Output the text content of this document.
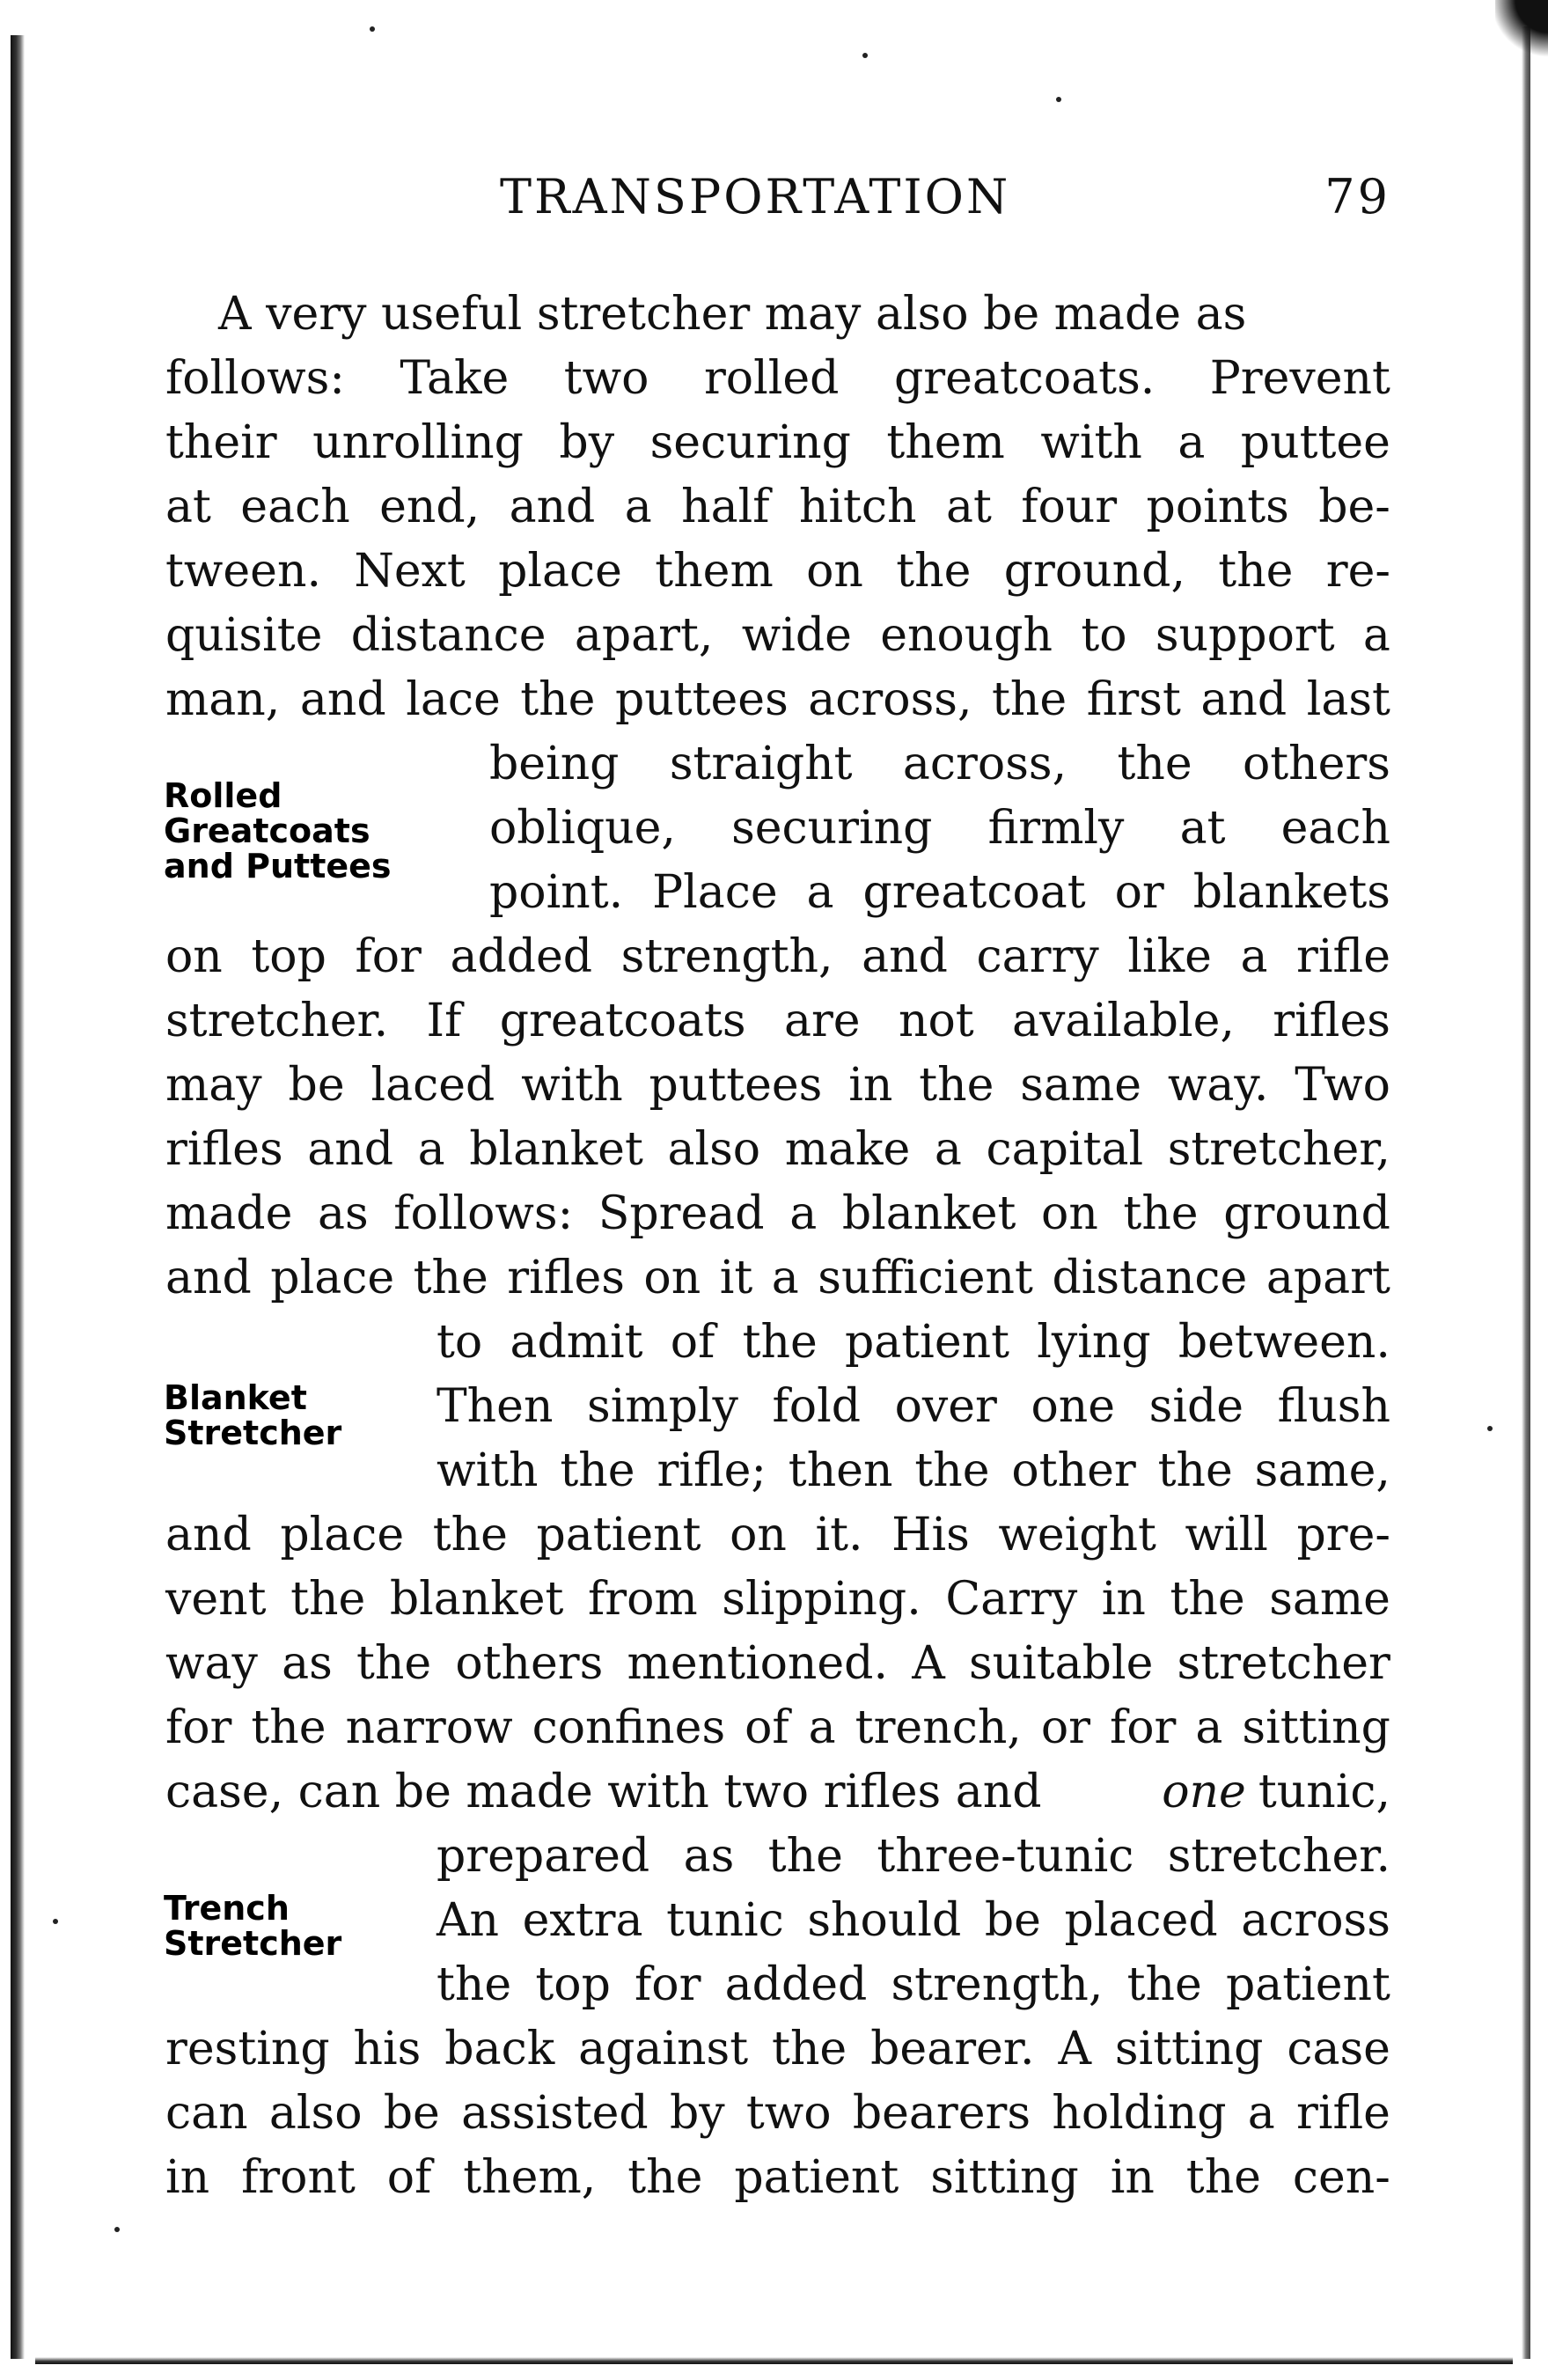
TRANSPORTATION	79
A very useful stretcher may also be made as
follows: Take two rolled greatcoats. Prevent
their unrolling by securing them with a puttee
at each end, and a half hitch at four points be-
tween. Next place them on the ground, the re-
quisite distance apart, wide enough to support a
man, and lace the puttees across, the first and last
being straight across, the others
oblique, securing firmly at each
point. Place a greatcoat or blankets
on top for added strength, and carry like a rifle
stretcher. If greatcoats are not available, rifles
may be laced with puttees in the same way. Two
rifles and a blanket also make a capital stretcher,
made as follows: Spread a blanket on the ground
and place the rifles on it a sufficient distance apart
to admit of the patient lying between.
Then simply fold over one side flush
with the rifle; then the other the same,
and place the patient on it. His weight will pre-
vent the blanket from slipping. Carry in the same
way as the others mentioned. A suitable stretcher
for the narrow confines of a trench, or for a sitting
case, can be made with two rifles and	one tunic,
prepared as the three-tunic stretcher.
An extra tunic should be placed across
the top for added strength, the patient
resting his back against the bearer. A sitting case
can also be assisted by two bearers holding a rifle
in front of them, the patient sitting in the cen-
Rolled
Greatcoats
and Puttees
Blanket
Stretcher
Trench
Stretcher
